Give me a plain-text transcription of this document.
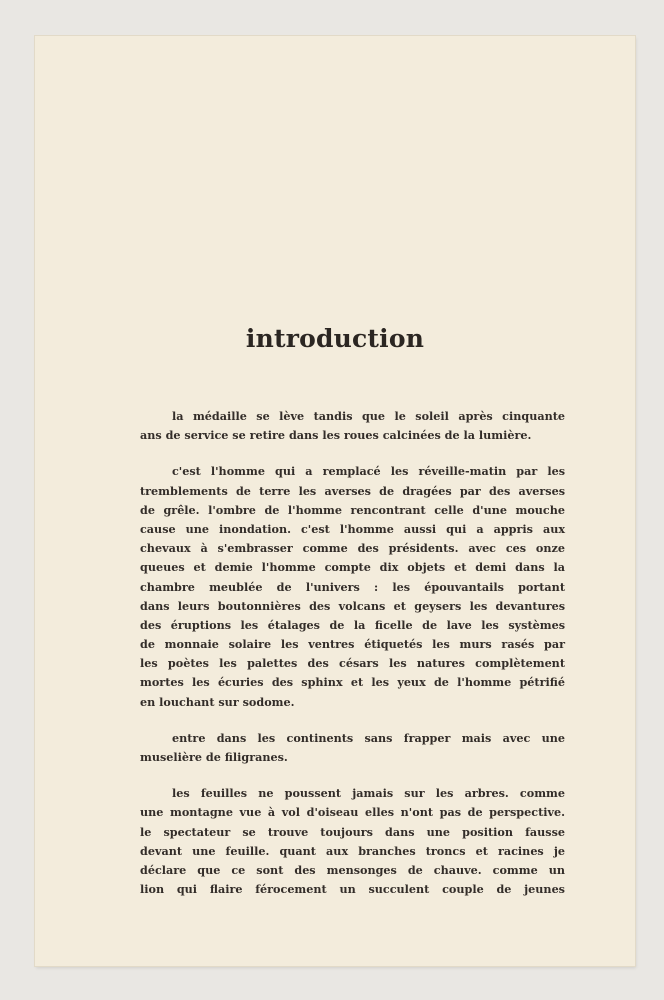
introduction
la médaille se lève tandis que le soleil après cinquante
ans de service se retire dans les roues calcinées de la lumière.
c'est l'homme qui a remplacé les réveille-matin par les
tremblements de terre les averses de dragées par des averses
de grêle. l'ombre de l'homme rencontrant celle d'une mouche
cause une inondation. c'est l'homme aussi qui a appris aux
chevaux à s'embrasser comme des présidents. avec ces onze
queues et demie l'homme compte dix objets et demi dans la
chambre meublée de l'univers : les épouvantails portant
dans leurs boutonnières des volcans et geysers les devantures
des éruptions les étalages de la ficelle de lave les systèmes
de monnaie solaire les ventres étiquetés les murs rasés par
les poètes les palettes des césars les natures complètement
mortes les écuries des sphinx et les yeux de l'homme pétrifié
en louchant sur sodome.
entre dans les continents sans frapper mais avec une
muselière de filigranes.
les feuilles ne poussent jamais sur les arbres. comme
une montagne vue à vol d'oiseau elles n'ont pas de perspective.
le spectateur se trouve toujours dans une position fausse
devant une feuille. quant aux branches troncs et racines je
déclare que ce sont des mensonges de chauve. comme un
lion qui flaire férocement un succulent couple de jeunes
